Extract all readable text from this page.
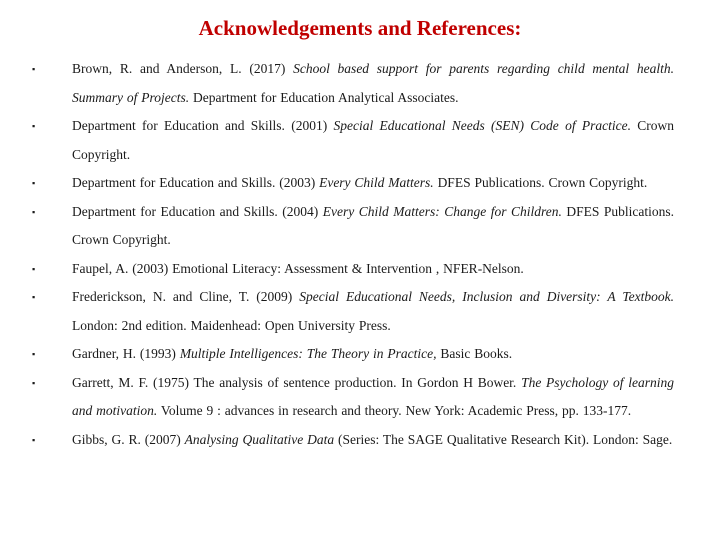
Acknowledgements and References:
▪	Brown, R. and Anderson, L. (2017) School based support for parents regarding child mental health. Summary of Projects. Department for Education Analytical Associates.
▪	Department for Education and Skills. (2001) Special Educational Needs (SEN) Code of Practice. Crown Copyright.
▪	Department for Education and Skills. (2003) Every Child Matters. DFES Publications. Crown Copyright.
▪	Department for Education and Skills. (2004) Every Child Matters: Change for Children. DFES Publications. Crown Copyright.
▪	Faupel, A. (2003) Emotional Literacy: Assessment & Intervention , NFER-Nelson.
▪	Frederickson, N. and Cline, T. (2009) Special Educational Needs, Inclusion and Diversity: A Textbook. London: 2nd edition. Maidenhead: Open University Press.
▪	Gardner, H. (1993) Multiple Intelligences: The Theory in Practice, Basic Books.
▪	Garrett, M. F. (1975) The analysis of sentence production. In Gordon H Bower. The Psychology of learning and motivation. Volume 9 : advances in research and theory. New York: Academic Press, pp. 133-177.
▪	Gibbs, G. R. (2007) Analysing Qualitative Data (Series: The SAGE Qualitative Research Kit). London: Sage.
